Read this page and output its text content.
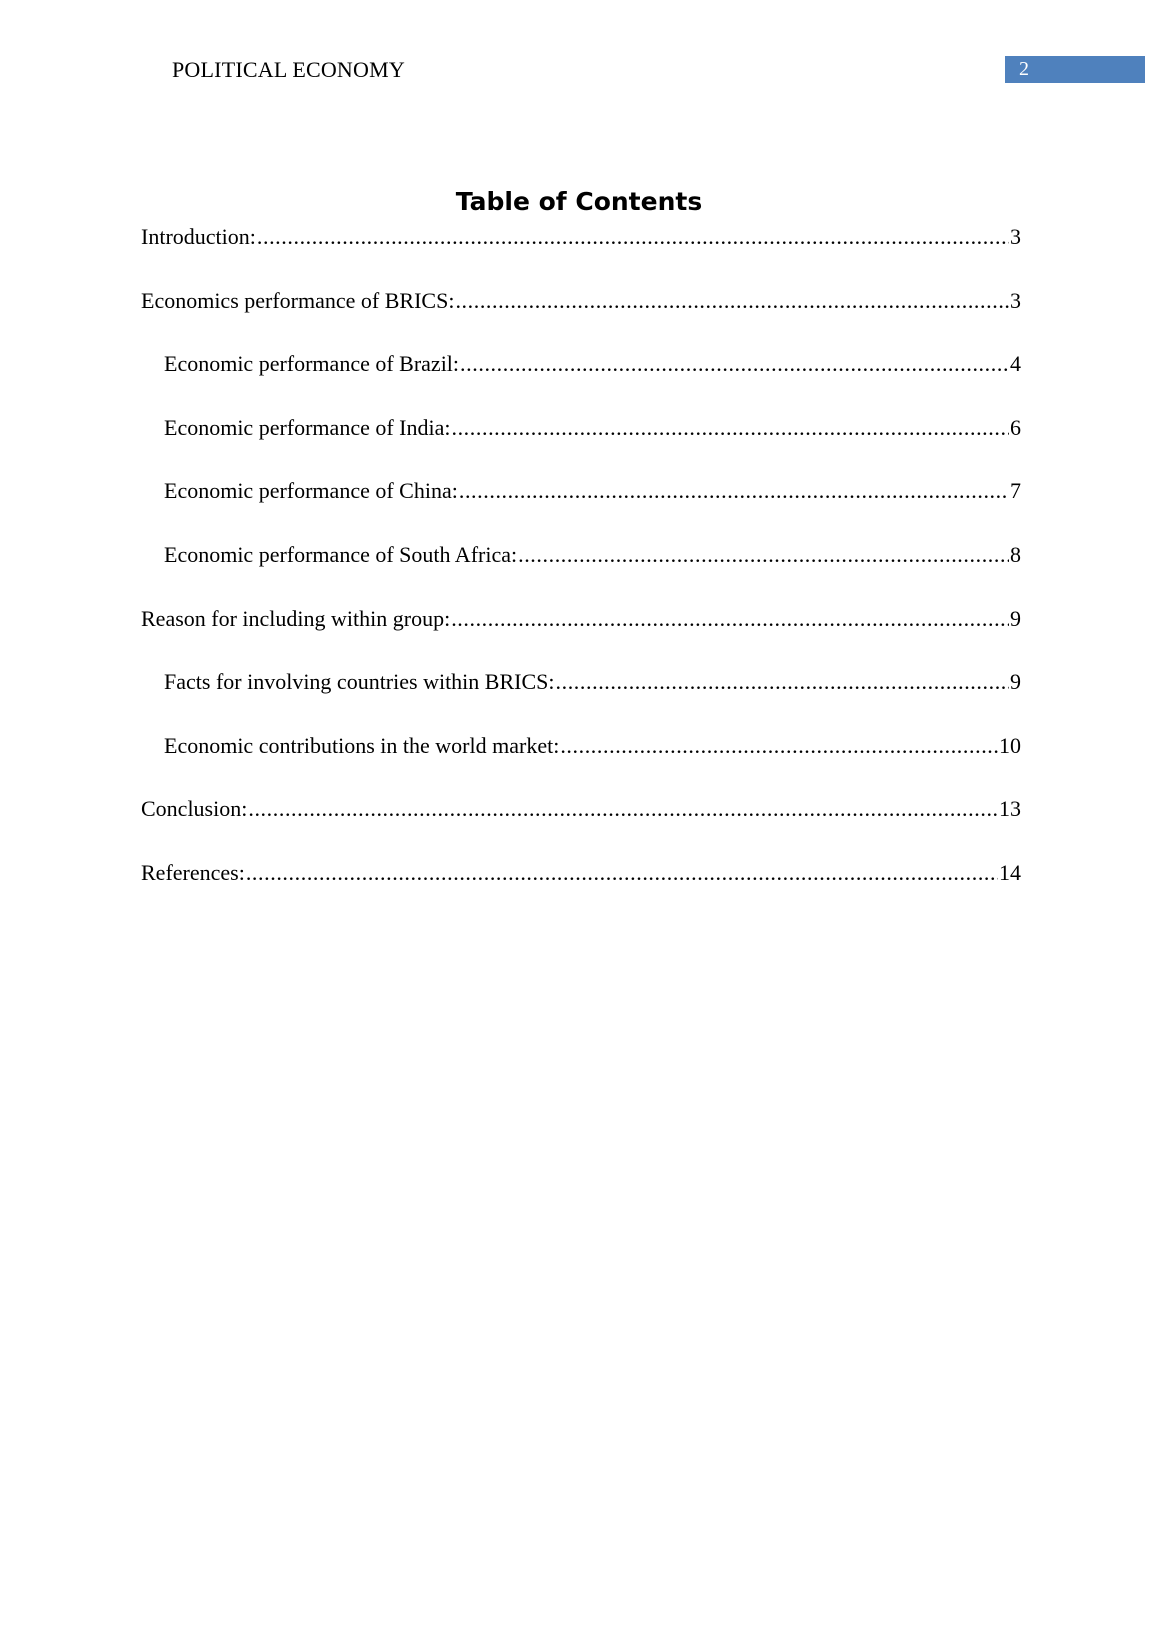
POLITICAL ECONOMY	2
Table of Contents
Introduction: .....	3
Economics performance of BRICS: .....	3
Economic performance of Brazil: .....	4
Economic performance of India: .....	6
Economic performance of China: .....	7
Economic performance of South Africa: .....	8
Reason for including within group: .....	9
Facts for involving countries within BRICS: .....	9
Economic contributions in the world market: .....	10
Conclusion: .....	13
References: .....	14
